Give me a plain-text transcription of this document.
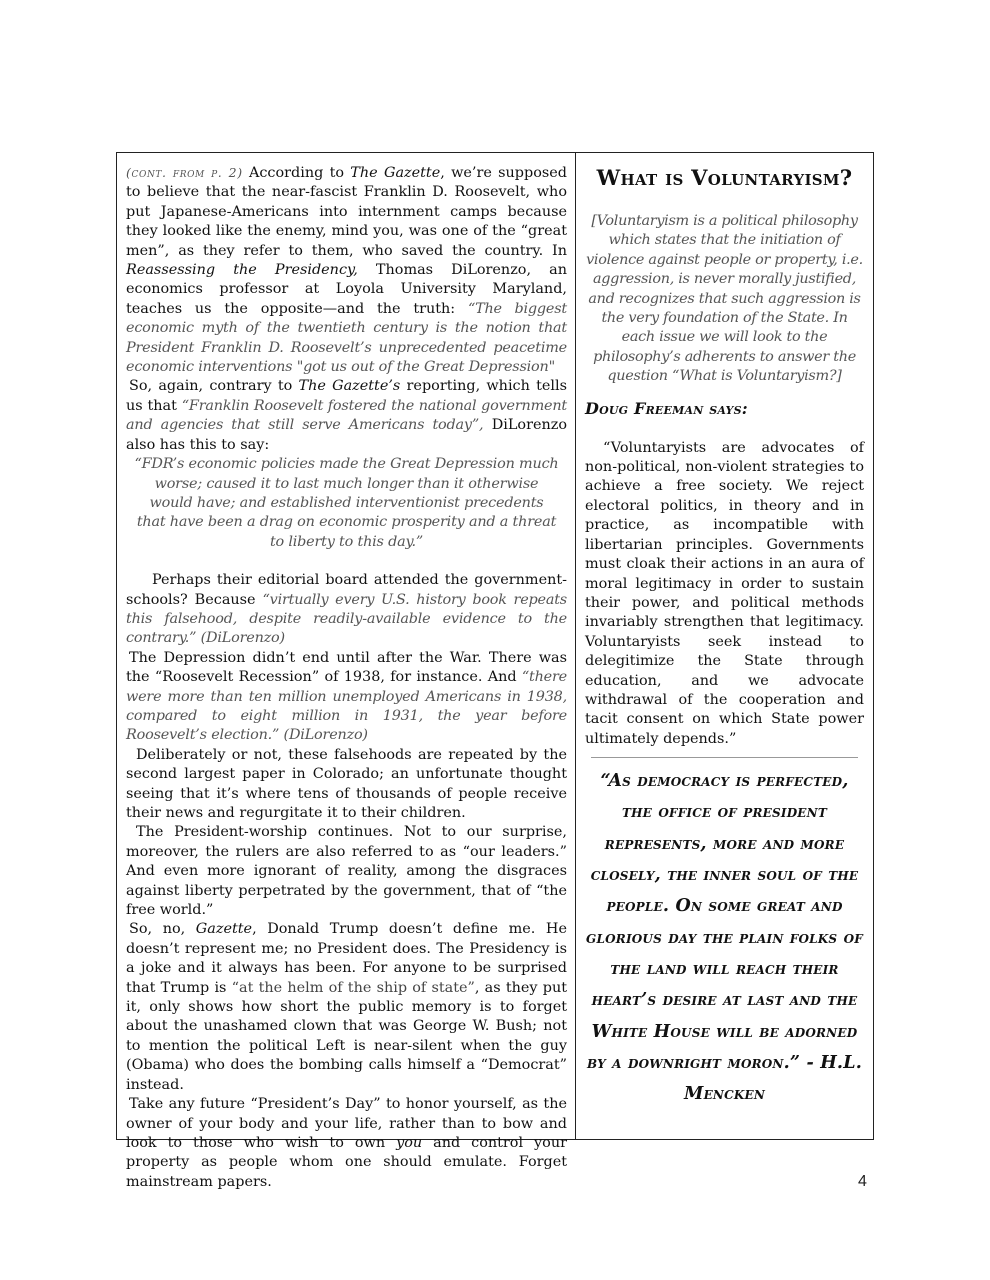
(cont. from p. 2) According to The Gazette, we’re supposed to believe that the near-fascist Franklin D. Roosevelt, who put Japanese-Americans into internment camps because they looked like the enemy, mind you, was one of the “great men”, as they refer to them, who saved the country. In Reassessing the Presidency, Thomas DiLorenzo, an economics professor at Loyola University Maryland, teaches us the opposite—and the truth: “The biggest economic myth of the twentieth century is the notion that President Franklin D. Roosevelt’s unprecedented peacetime economic interventions "got us out of the Great Depression"

So, again, contrary to The Gazette’s reporting, which tells us that “Franklin Roosevelt fostered the national government and agencies that still serve Americans today”, DiLorenzo also has this to say:

“FDR’s economic policies made the Great Depression much worse; caused it to last much longer than it otherwise would have; and established interventionist precedents that have been a drag on economic prosperity and a threat to liberty to this day.”

Perhaps their editorial board attended the government-schools? Because “virtually every U.S. history book repeats this falsehood, despite readily-available evidence to the contrary.” (DiLorenzo)

The Depression didn’t end until after the War. There was the “Roosevelt Recession” of 1938, for instance. And “there were more than ten million unemployed Americans in 1938, compared to eight million in 1931, the year before Roosevelt’s election.” (DiLorenzo)

Deliberately or not, these falsehoods are repeated by the second largest paper in Colorado; an unfortunate thought seeing that it’s where tens of thousands of people receive their news and regurgitate it to their children.

The President-worship continues. Not to our surprise, moreover, the rulers are also referred to as “our leaders.” And even more ignorant of reality, among the disgraces against liberty perpetrated by the government, that of “the free world.”

So, no, Gazette, Donald Trump doesn’t define me. He doesn’t represent me; no President does. The Presidency is a joke and it always has been. For anyone to be surprised that Trump is “at the helm of the ship of state”, as they put it, only shows how short the public memory is to forget about the unashamed clown that was George W. Bush; not to mention the political Left is near-silent when the guy (Obama) who does the bombing calls himself a “Democrat” instead.

Take any future “President’s Day” to honor yourself, as the owner of your body and your life, rather than to bow and look to those who wish to own you and control your property as people whom one should emulate. Forget mainstream papers.

What is Voluntaryism?
[Voluntaryism is a political philosophy which states that the initiation of violence against people or property, i.e. aggression, is never morally justified, and recognizes that such aggression is the very foundation of the State. In each issue we will look to the philosophy’s adherents to answer the question “What is Voluntaryism?]
Doug Freeman says:
“Voluntaryists are advocates of non-political, non-violent strategies to achieve a free society. We reject electoral politics, in theory and in practice, as incompatible with libertarian principles. Governments must cloak their actions in an aura of moral legitimacy in order to sustain their power, and political methods invariably strengthen that legitimacy. Voluntaryists seek instead to delegitimize the State through education, and we advocate withdrawal of the cooperation and tacit consent on which State power ultimately depends.”
“As democracy is perfected, the office of president represents, more and more closely, the inner soul of the people. On some great and glorious day the plain folks of the land will reach their heart’s desire at last and the White House will be adorned by a downright moron.” - H.L. Mencken
4
